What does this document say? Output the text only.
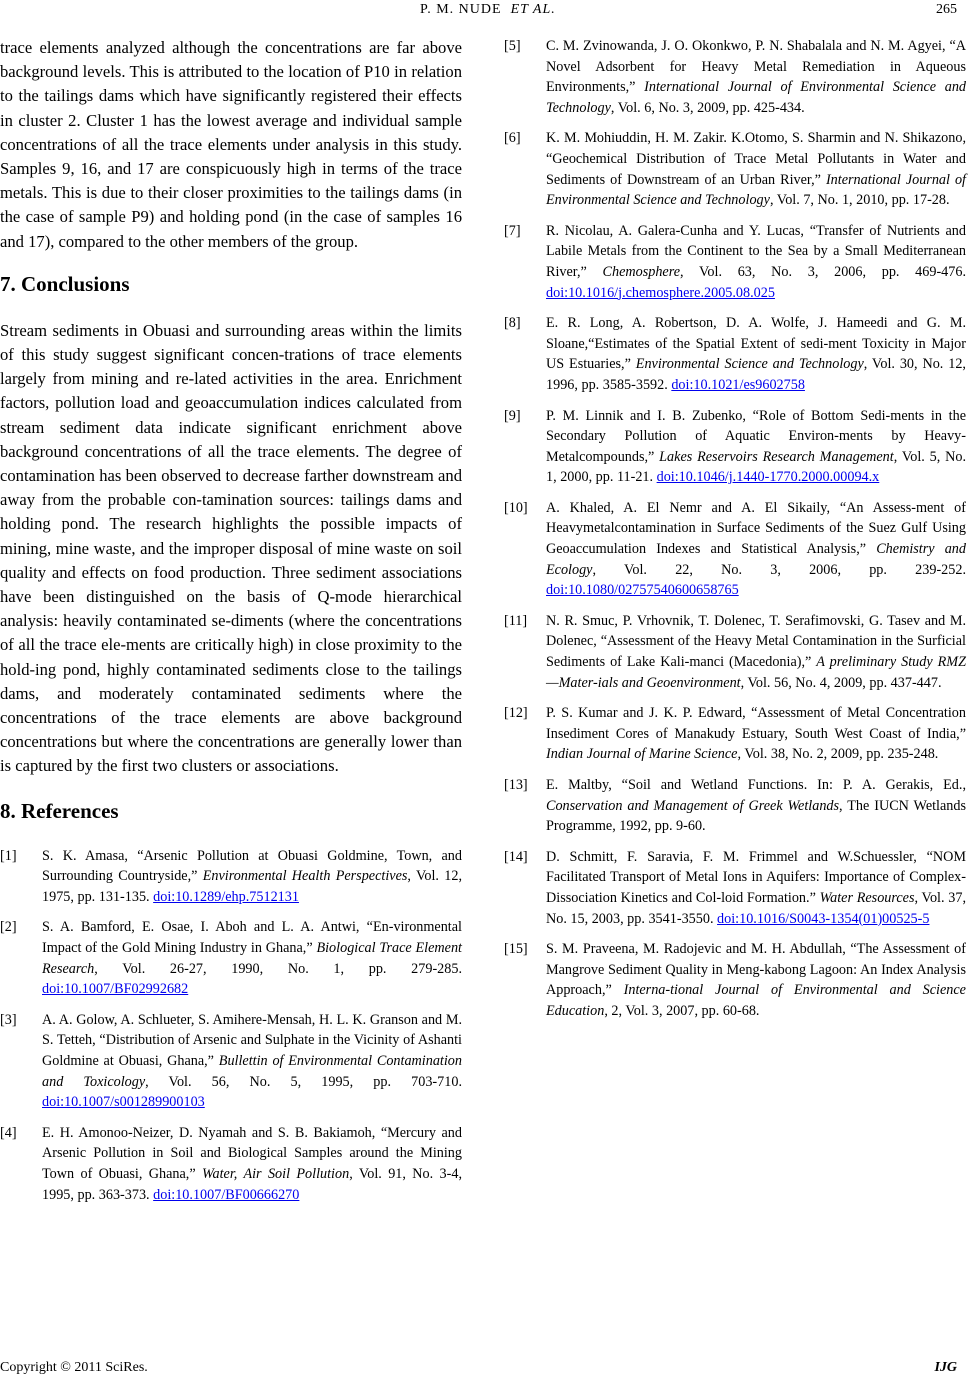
P. M. NUDE ET AL.	265

trace elements analyzed although the concentrations are far above background levels. This is attributed to the location of P10 in relation to the tailings dams which have significantly registered their effects in cluster 2. Cluster 1 has the lowest average and individual sample concentrations of all the trace elements under analysis in this study. Samples 9, 16, and 17 are conspicuously high in terms of the trace metals. This is due to their closer proximities to the tailings dams (in the case of sample P9) and holding pond (in the case of samples 16 and 17), compared to the other members of the group.

7. Conclusions

Stream sediments in Obuasi and surrounding areas within the limits of this study suggest significant concen-trations of trace elements largely from mining and re-lated activities in the area. Enrichment factors, pollution load and geoaccumulation indices calculated from stream sediment data indicate significant enrichment above background concentrations of all the trace elements. The degree of contamination has been observed to decrease farther downstream and away from the probable con-tamination sources: tailings dams and holding pond. The research highlights the possible impacts of mining, mine waste, and the improper disposal of mine waste on soil quality and effects on food production. Three sediment associations have been distinguished on the basis of Q-mode hierarchical analysis: heavily contaminated se-diments (where the concentrations of all the trace ele-ments are critically high) in close proximity to the hold-ing pond, highly contaminated sediments close to the tailings dams, and moderately contaminated sediments where the concentrations of the trace elements are above background concentrations but where the concentrations are generally lower than is captured by the first two clusters or associations.

8. References
[1] S. K. Amasa, “Arsenic Pollution at Obuasi Goldmine, Town, and Surrounding Countryside,” Environmental Health Perspectives, Vol. 12, 1975, pp. 131-135. doi:10.1289/ehp.7512131
[2] S. A. Bamford, E. Osae, I. Aboh and L. A. Antwi, “En-vironmental Impact of the Gold Mining Industry in Ghana,” Biological Trace Element Research, Vol. 26-27, 1990, No. 1, pp. 279-285. doi:10.1007/BF02992682
[3] A. A. Golow, A. Schlueter, S. Amihere-Mensah, H. L. K. Granson and M. S. Tetteh, “Distribution of Arsenic and Sulphate in the Vicinity of Ashanti Goldmine at Obuasi, Ghana,” Bullettin of Environmental Contamination and Toxicology, Vol. 56, No. 5, 1995, pp. 703-710. doi:10.1007/s001289900103
[4] E. H. Amonoo-Neizer, D. Nyamah and S. B. Bakiamoh, “Mercury and Arsenic Pollution in Soil and Biological Samples around the Mining Town of Obuasi, Ghana,” Water, Air Soil Pollution, Vol. 91, No. 3-4, 1995, pp. 363-373. doi:10.1007/BF00666270
[5] C. M. Zvinowanda, J. O. Okonkwo, P. N. Shabalala and N. M. Agyei, “A Novel Adsorbent for Heavy Metal Remediation in Aqueous Environments,” International Journal of Environmental Science and Technology, Vol. 6, No. 3, 2009, pp. 425-434.
[6] K. M. Mohiuddin, H. M. Zakir. K.Otomo, S. Sharmin and N. Shikazono, “Geochemical Distribution of Trace Metal Pollutants in Water and Sediments of Downstream of an Urban River,” International Journal of Environmental Science and Technology, Vol. 7, No. 1, 2010, pp. 17-28.
[7] R. Nicolau, A. Galera-Cunha and Y. Lucas, “Transfer of Nutrients and Labile Metals from the Continent to the Sea by a Small Mediterranean River,” Chemosphere, Vol. 63, No. 3, 2006, pp. 469-476. doi:10.1016/j.chemosphere.2005.08.025
[8] E. R. Long, A. Robertson, D. A. Wolfe, J. Hameedi and G. M. Sloane,“Estimates of the Spatial Extent of sedi-ment Toxicity in Major US Estuaries,” Environmental Science and Technology, Vol. 30, No. 12, 1996, pp. 3585-3592. doi:10.1021/es9602758
[9] P. M. Linnik and I. B. Zubenko, “Role of Bottom Sedi-ments in the Secondary Pollution of Aquatic Environ-ments by Heavy-Metalcompounds,” Lakes Reservoirs Research Management, Vol. 5, No. 1, 2000, pp. 11-21. doi:10.1046/j.1440-1770.2000.00094.x
[10] A. Khaled, A. El Nemr and A. El Sikaily, “An Assess-ment of Heavymetalcontamination in Surface Sediments of the Suez Gulf Using Geoaccumulation Indexes and Statistical Analysis,” Chemistry and Ecology, Vol. 22, No. 3, 2006, pp. 239-252. doi:10.1080/02757540600658765
[11] N. R. Smuc, P. Vrhovnik, T. Dolenec, T. Serafimovski, G. Tasev and M. Dolenec, “Assessment of the Heavy Metal Contamination in the Surficial Sediments of Lake Kali-manci (Macedonia),” A preliminary Study RMZ—Mater-ials and Geoenvironment, Vol. 56, No. 4, 2009, pp. 437-447.
[12] P. S. Kumar and J. K. P. Edward, “Assessment of Metal Concentration Insediment Cores of Manakudy Estuary, South West Coast of India,” Indian Journal of Marine Science, Vol. 38, No. 2, 2009, pp. 235-248.
[13] E. Maltby, “Soil and Wetland Functions. In: P. A. Gerakis, Ed., Conservation and Management of Greek Wetlands, The IUCN Wetlands Programme, 1992, pp. 9-60.
[14] D. Schmitt, F. Saravia, F. M. Frimmel and W.Schuessler, “NOM Facilitated Transport of Metal Ions in Aquifers: Importance of Complex-Dissociation Kinetics and Col-loid Formation.” Water Resources, Vol. 37, No. 15, 2003, pp. 3541-3550. doi:10.1016/S0043-1354(01)00525-5
[15] S. M. Praveena, M. Radojevic and M. H. Abdullah, “The Assessment of Mangrove Sediment Quality in Meng-kabong Lagoon: An Index Analysis Approach,” Interna-tional Journal of Environmental and Science Education, 2, Vol. 3, 2007, pp. 60-68.
Copyright © 2011 SciRes.	IJG
